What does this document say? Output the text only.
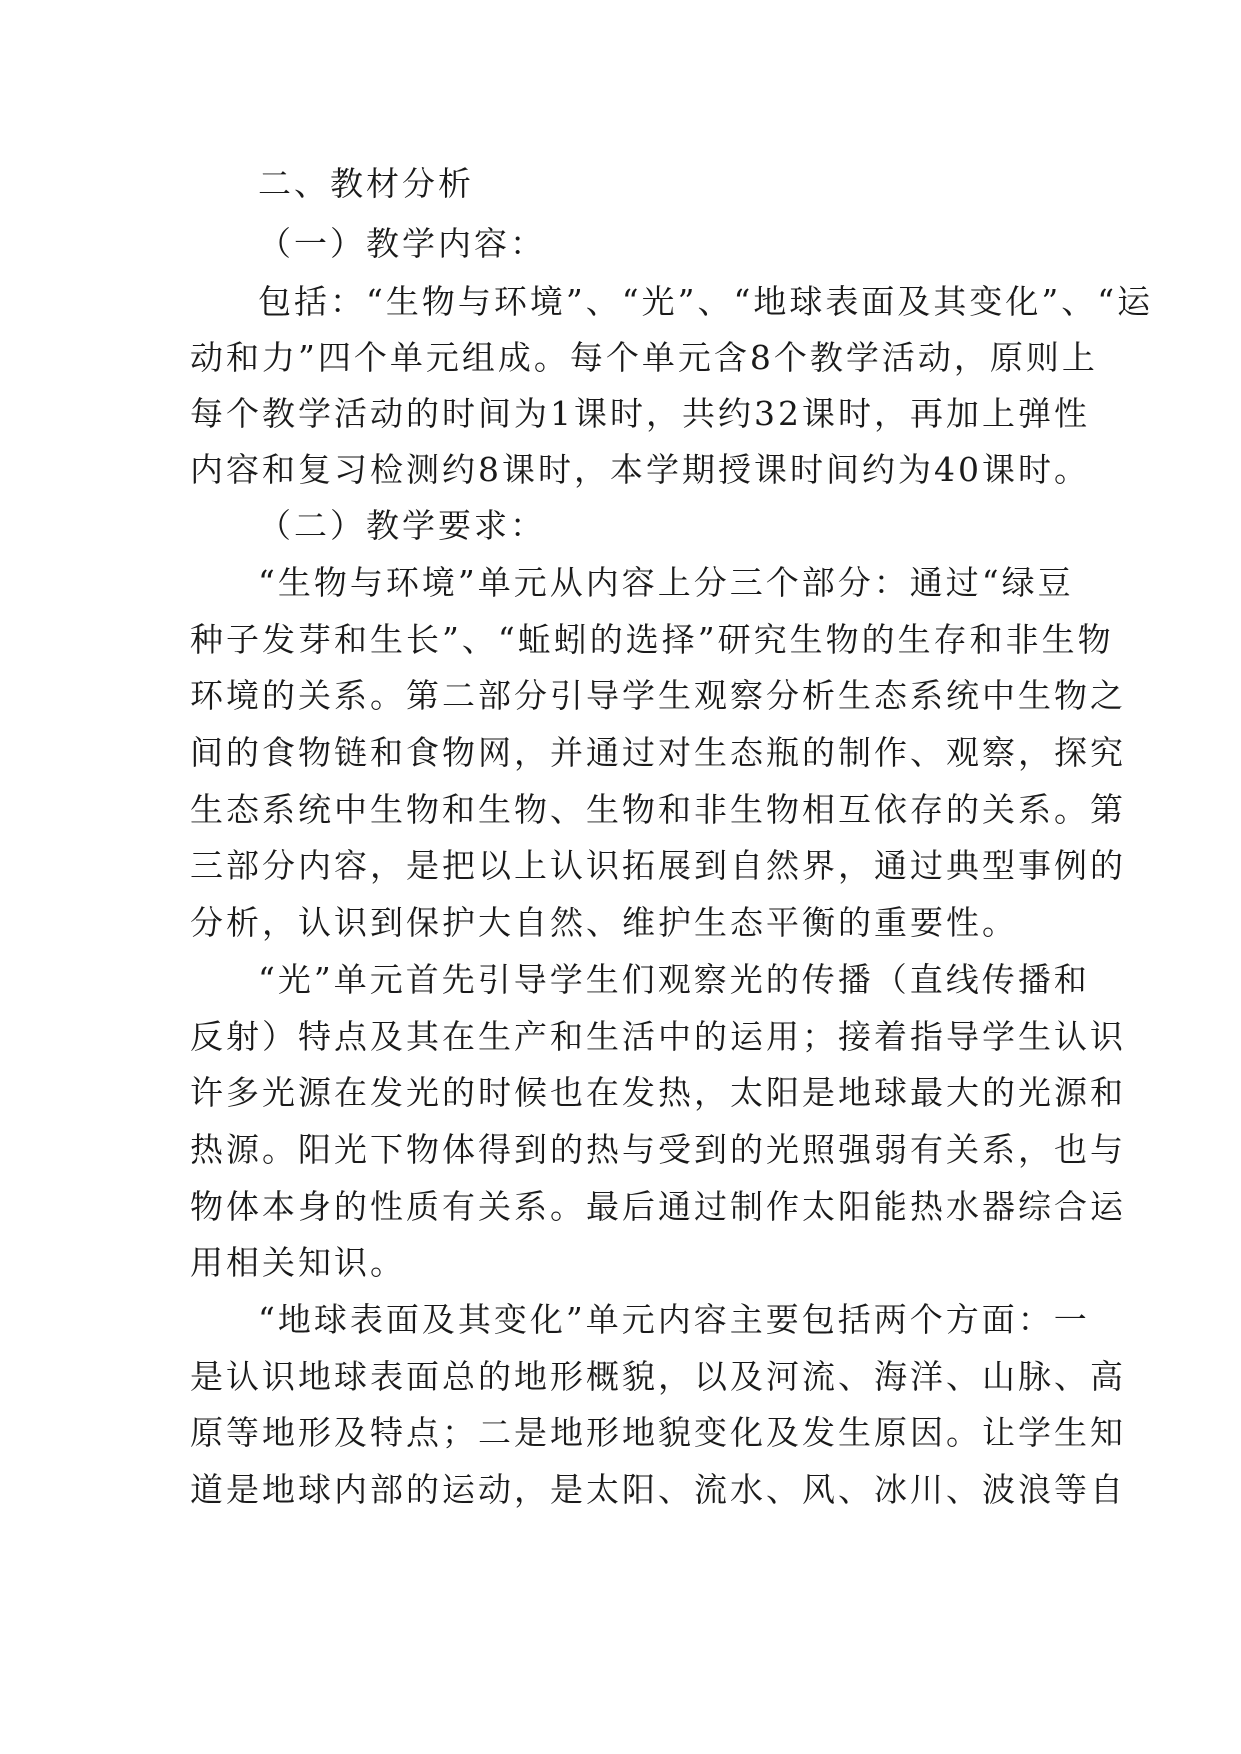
二、教材分析
（一）教学内容：
包括：“生物与环境”、“光”、“地球表面及其变化”、“运
动和力”四个单元组成。每个单元含8个教学活动，原则上
每个教学活动的时间为1课时，共约32课时，再加上弹性
内容和复习检测约8课时，本学期授课时间约为40课时。
（二）教学要求：
“生物与环境”单元从内容上分三个部分：通过“绿豆
种子发芽和生长”、“蚯蚓的选择”研究生物的生存和非生物
环境的关系。第二部分引导学生观察分析生态系统中生物之
间的食物链和食物网，并通过对生态瓶的制作、观察，探究
生态系统中生物和生物、生物和非生物相互依存的关系。第
三部分内容，是把以上认识拓展到自然界，通过典型事例的
分析，认识到保护大自然、维护生态平衡的重要性。
“光”单元首先引导学生们观察光的传播（直线传播和
反射）特点及其在生产和生活中的运用；接着指导学生认识
许多光源在发光的时候也在发热，太阳是地球最大的光源和
热源。阳光下物体得到的热与受到的光照强弱有关系，也与
物体本身的性质有关系。最后通过制作太阳能热水器综合运
用相关知识。
“地球表面及其变化”单元内容主要包括两个方面：一
是认识地球表面总的地形概貌，以及河流、海洋、山脉、高
原等地形及特点；二是地形地貌变化及发生原因。让学生知
道是地球内部的运动，是太阳、流水、风、冰川、波浪等自
